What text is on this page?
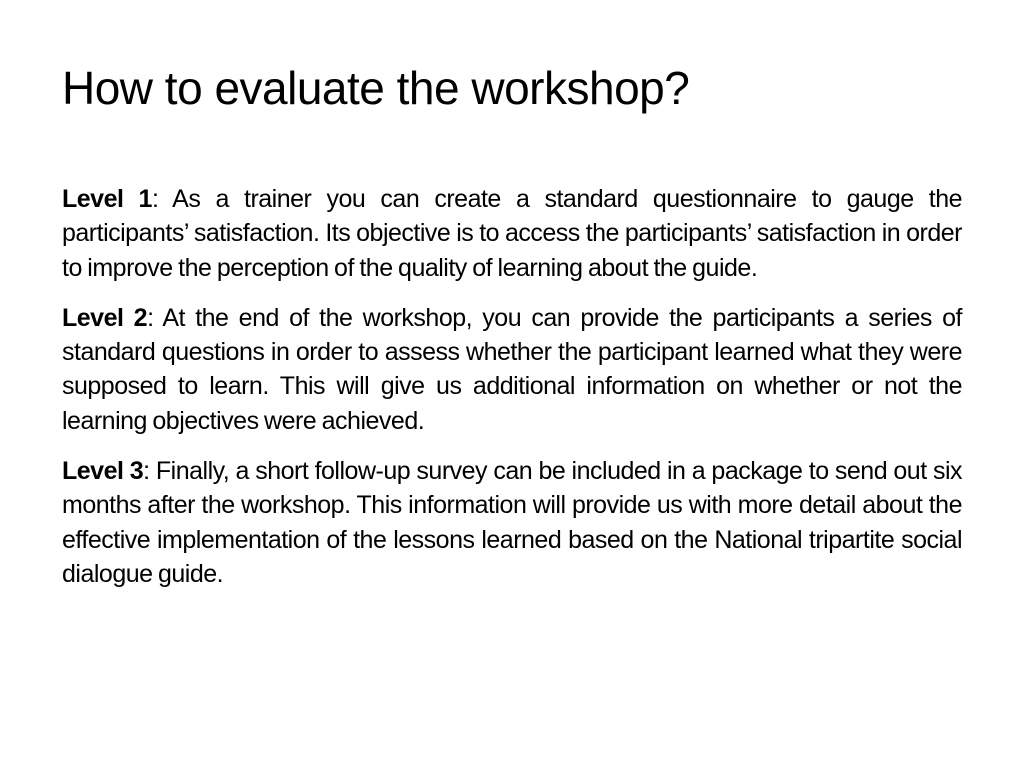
How to evaluate the workshop?

Level 1: As a trainer you can create a standard questionnaire to gauge the participants’ satisfaction. Its objective is to access the participants’ satisfaction in order to improve the perception of the quality of learning about the guide.

Level 2: At the end of the workshop, you can provide the participants a series of standard questions in order to assess whether the participant learned what they were supposed to learn. This will give us additional information on whether or not the learning objectives were achieved.

Level 3: Finally, a short follow-up survey can be included in a package to send out six months after the workshop. This information will provide us with more detail about the effective implementation of the lessons learned based on the National tripartite social dialogue guide.
